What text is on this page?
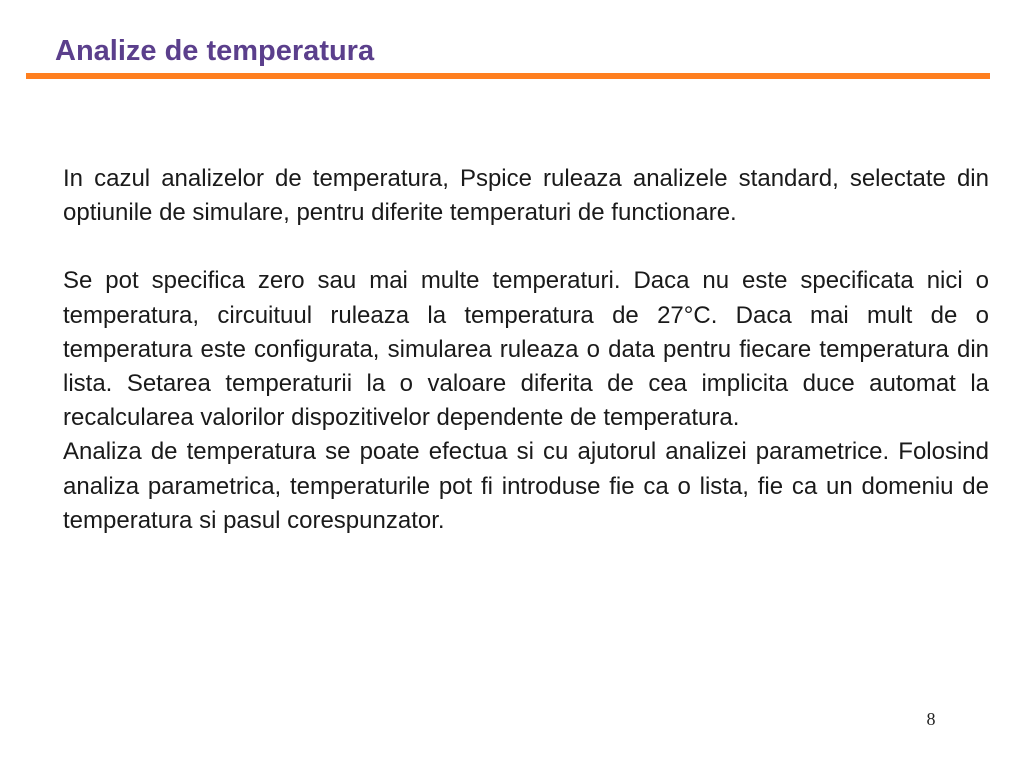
Analize de temperatura

In cazul analizelor de temperatura, Pspice ruleaza analizele standard, selectate din optiunile de simulare, pentru diferite temperaturi de functionare.

Se pot specifica zero sau mai multe temperaturi. Daca nu este specificata nici o temperatura, circuituul ruleaza la temperatura de 27°C. Daca mai mult de o temperatura este configurata, simularea ruleaza o data pentru fiecare temperatura din lista. Setarea temperaturii la o valoare diferita de cea implicita duce automat la recalcularea valorilor dispozitivelor dependente de temperatura.

Analiza de temperatura se poate efectua si cu ajutorul analizei parametrice. Folosind analiza parametrica, temperaturile pot fi introduse fie ca o lista, fie ca un domeniu de temperatura si pasul corespunzator.

8
